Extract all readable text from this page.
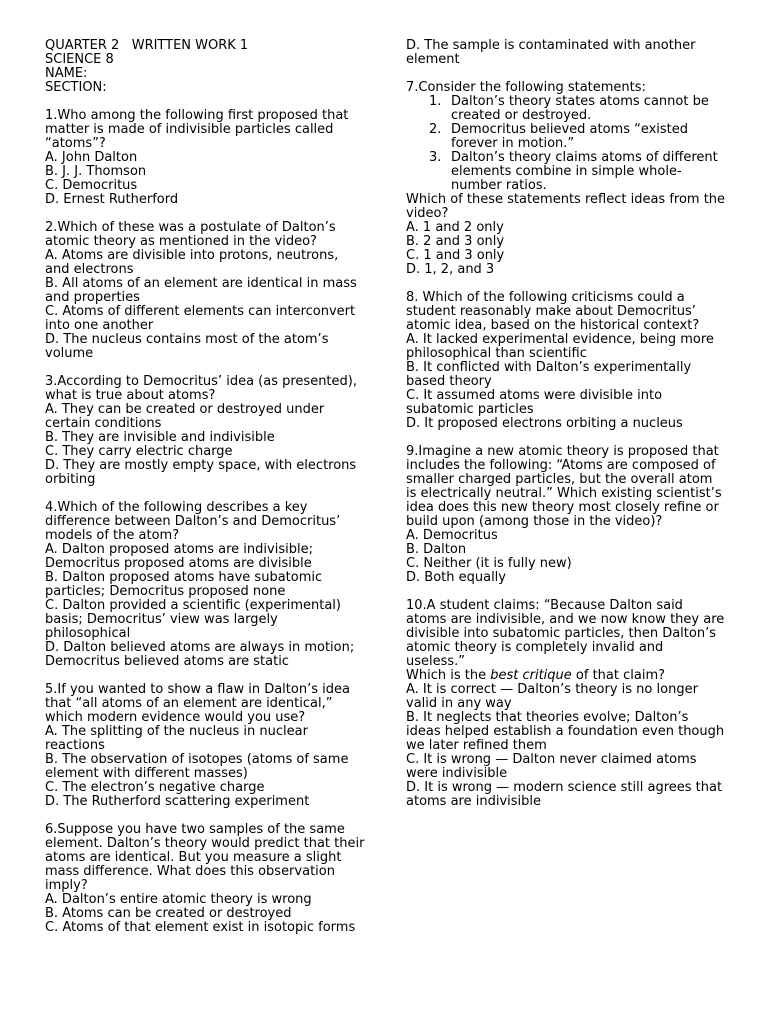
QUARTER 2   WRITTEN WORK 1
SCIENCE 8
NAME:
SECTION:
1.Who among the following first proposed that matter is made of indivisible particles called “atoms”?
A. John Dalton
B. J. J. Thomson
C. Democritus
D. Ernest Rutherford
2.Which of these was a postulate of Dalton’s atomic theory as mentioned in the video?
A. Atoms are divisible into protons, neutrons, and electrons
B. All atoms of an element are identical in mass and properties
C. Atoms of different elements can interconvert into one another
D. The nucleus contains most of the atom’s volume
3.According to Democritus’ idea (as presented), what is true about atoms?
A. They can be created or destroyed under certain conditions
B. They are invisible and indivisible
C. They carry electric charge
D. They are mostly empty space, with electrons orbiting
4.Which of the following describes a key difference between Dalton’s and Democritus’ models of the atom?
A. Dalton proposed atoms are indivisible; Democritus proposed atoms are divisible
B. Dalton proposed atoms have subatomic particles; Democritus proposed none
C. Dalton provided a scientific (experimental) basis; Democritus’ view was largely philosophical
D. Dalton believed atoms are always in motion; Democritus believed atoms are static
5.If you wanted to show a flaw in Dalton’s idea that “all atoms of an element are identical,” which modern evidence would you use?
A. The splitting of the nucleus in nuclear reactions
B. The observation of isotopes (atoms of same element with different masses)
C. The electron’s negative charge
D. The Rutherford scattering experiment
6.Suppose you have two samples of the same element. Dalton’s theory would predict that their atoms are identical. But you measure a slight mass difference. What does this observation imply?
A. Dalton’s entire atomic theory is wrong
B. Atoms can be created or destroyed
C. Atoms of that element exist in isotopic forms
D. The sample is contaminated with another element
7.Consider the following statements:
1. Dalton’s theory states atoms cannot be created or destroyed.
2. Democritus believed atoms “existed forever in motion.”
3. Dalton’s theory claims atoms of different elements combine in simple whole-number ratios.
Which of these statements reflect ideas from the video?
A. 1 and 2 only
B. 2 and 3 only
C. 1 and 3 only
D. 1, 2, and 3
8. Which of the following criticisms could a student reasonably make about Democritus’ atomic idea, based on the historical context?
A. It lacked experimental evidence, being more philosophical than scientific
B. It conflicted with Dalton’s experimentally based theory
C. It assumed atoms were divisible into subatomic particles
D. It proposed electrons orbiting a nucleus
9.Imagine a new atomic theory is proposed that includes the following: “Atoms are composed of smaller charged particles, but the overall atom is electrically neutral.” Which existing scientist’s idea does this new theory most closely refine or build upon (among those in the video)?
A. Democritus
B. Dalton
C. Neither (it is fully new)
D. Both equally
10.A student claims: “Because Dalton said atoms are indivisible, and we now know they are divisible into subatomic particles, then Dalton’s atomic theory is completely invalid and useless.”
Which is the best critique of that claim?
A. It is correct — Dalton’s theory is no longer valid in any way
B. It neglects that theories evolve; Dalton’s ideas helped establish a foundation even though we later refined them
C. It is wrong — Dalton never claimed atoms were indivisible
D. It is wrong — modern science still agrees that atoms are indivisible
